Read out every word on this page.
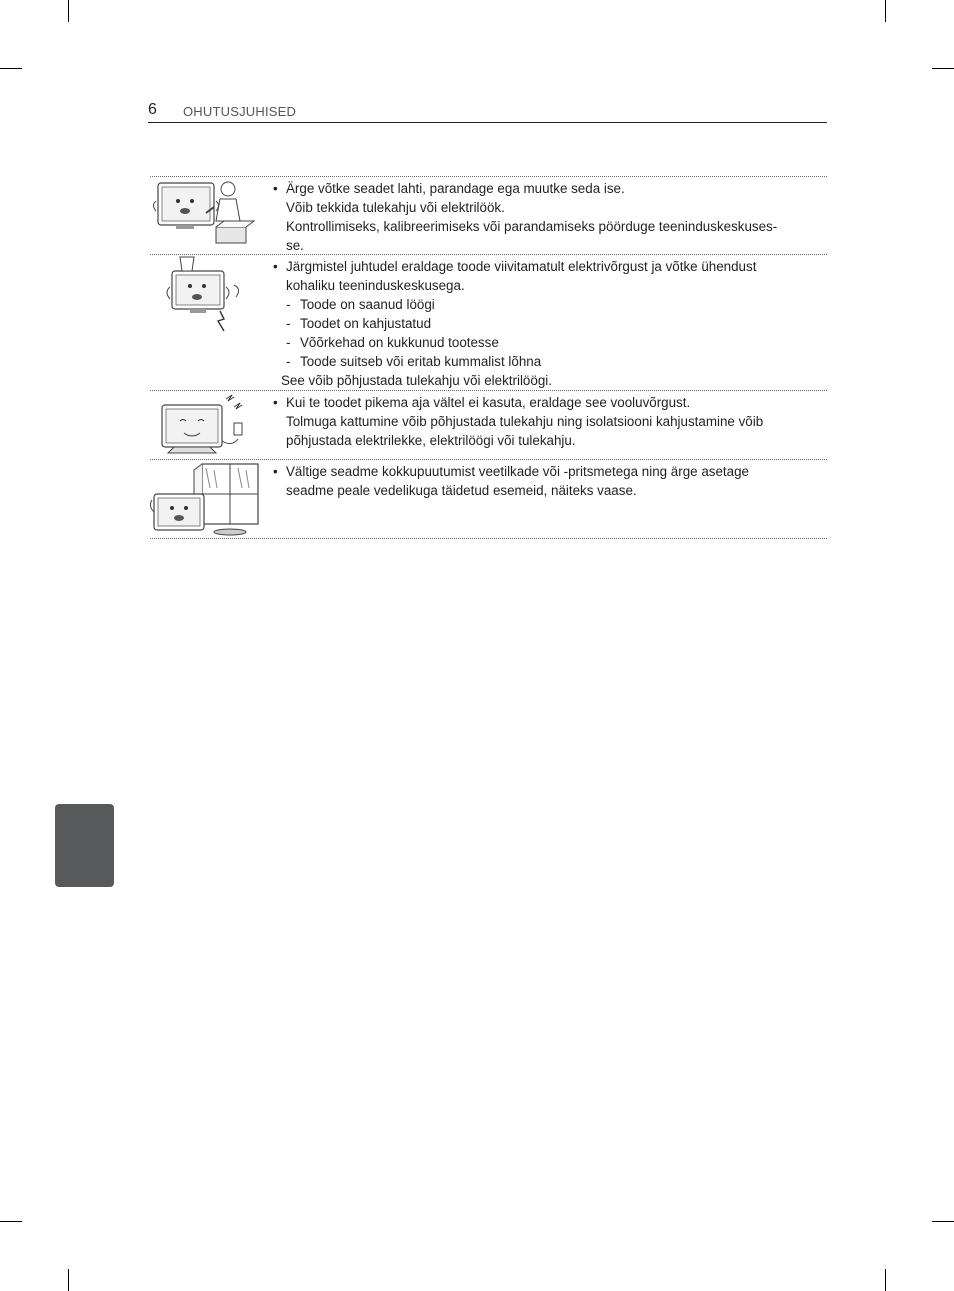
6 OHUTUSJUHISED
• Ärge võtke seadet lahti, parandage ega muutke seda ise.
Võib tekkida tulekahju või elektrilöök.
Kontrollimiseks, kalibreerimiseks või parandamiseks pöörduge teeninduskeskuses-
se.
• Järgmistel juhtudel eraldage toode viivitamatult elektrivõrgust ja võtke ühendust
kohaliku teeninduskeskusega.
- Toode on saanud löögi
- Toodet on kahjustatud
- Võõrkehad on kukkunud tootesse
- Toode suitseb või eritab kummalist lõhna
See võib põhjustada tulekahju või elektrilöögi.
• Kui te toodet pikema aja vältel ei kasuta, eraldage see vooluvõrgust.
Tolmuga kattumine võib põhjustada tulekahju ning isolatsiooni kahjustamine võib
põhjustada elektrilekke, elektrilöögi või tulekahju.
• Vältige seadme kokkupuutumist veetilkade või -pritsmetega ning ärge asetage
seadme peale vedelikuga täidetud esemeid, näiteks vaase.
